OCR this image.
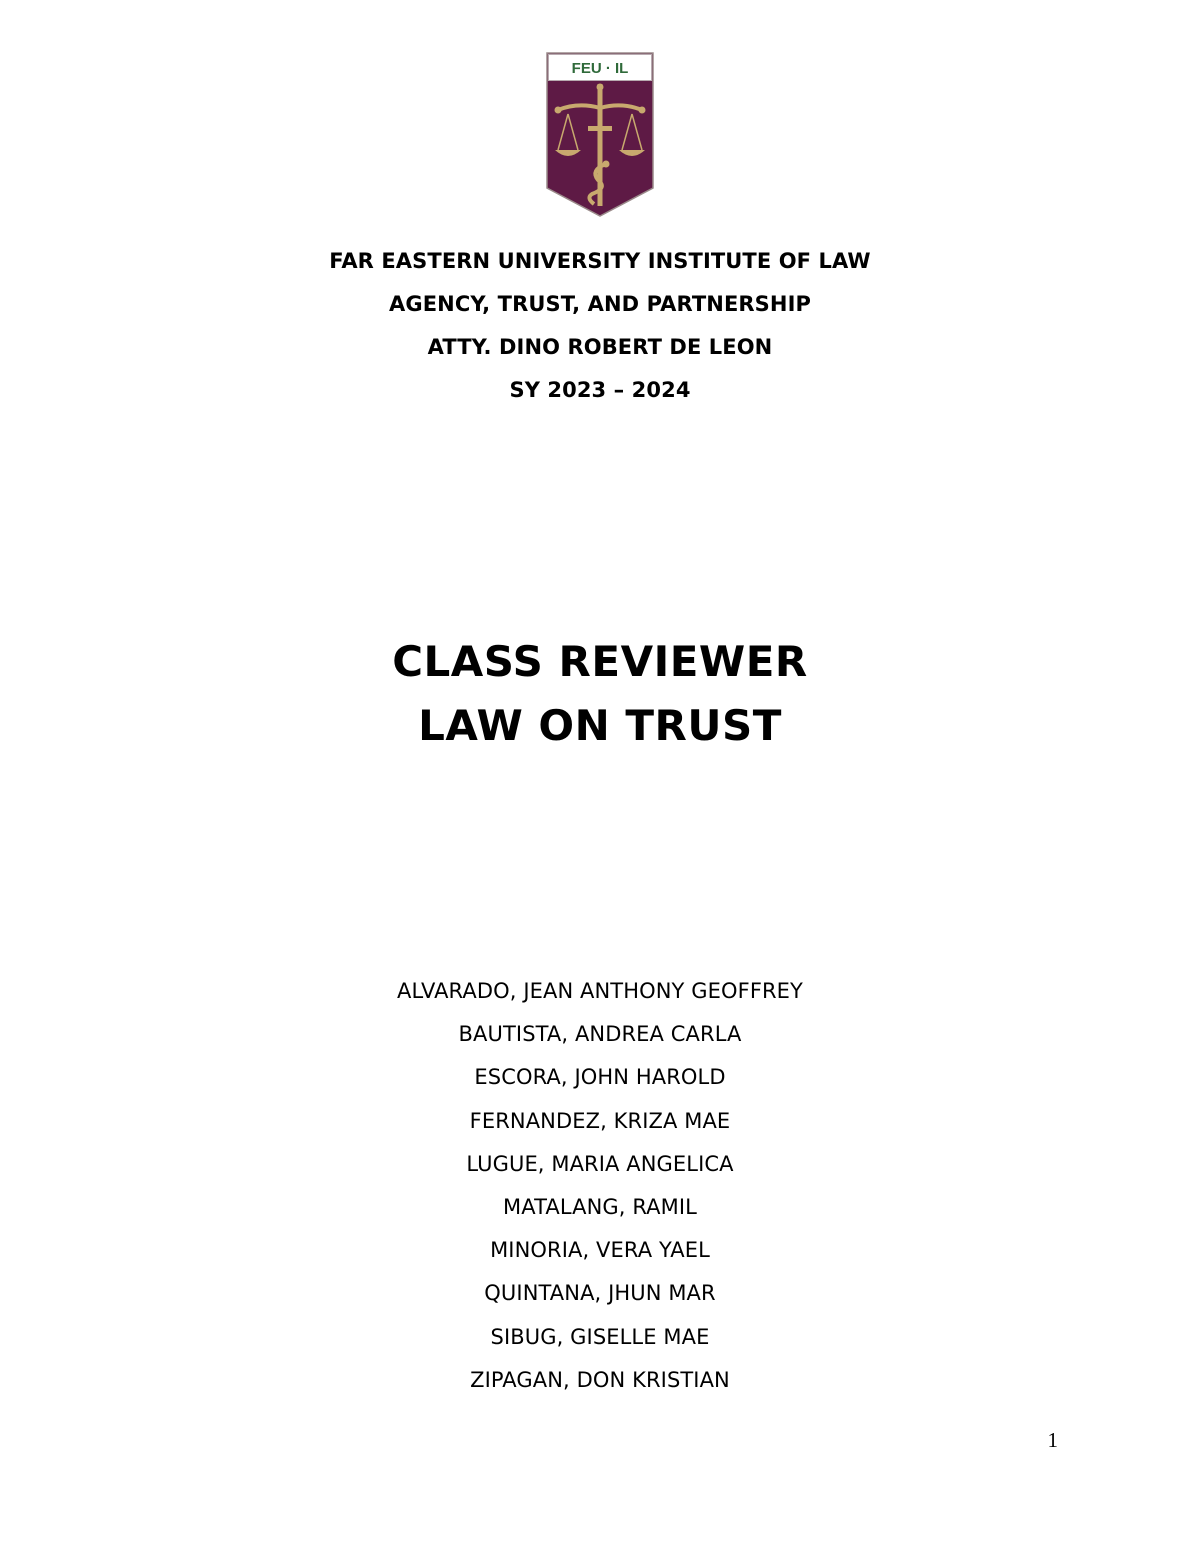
FEU · IL
FAR EASTERN UNIVERSITY INSTITUTE OF LAW
AGENCY, TRUST, AND PARTNERSHIP
ATTY. DINO ROBERT DE LEON
SY 2023 – 2024
CLASS REVIEWER
LAW ON TRUST
ALVARADO, JEAN ANTHONY GEOFFREY
BAUTISTA, ANDREA CARLA
ESCORA, JOHN HAROLD
FERNANDEZ, KRIZA MAE
LUGUE, MARIA ANGELICA
MATALANG, RAMIL
MINORIA, VERA YAEL
QUINTANA, JHUN MAR
SIBUG, GISELLE MAE
ZIPAGAN, DON KRISTIAN
1
